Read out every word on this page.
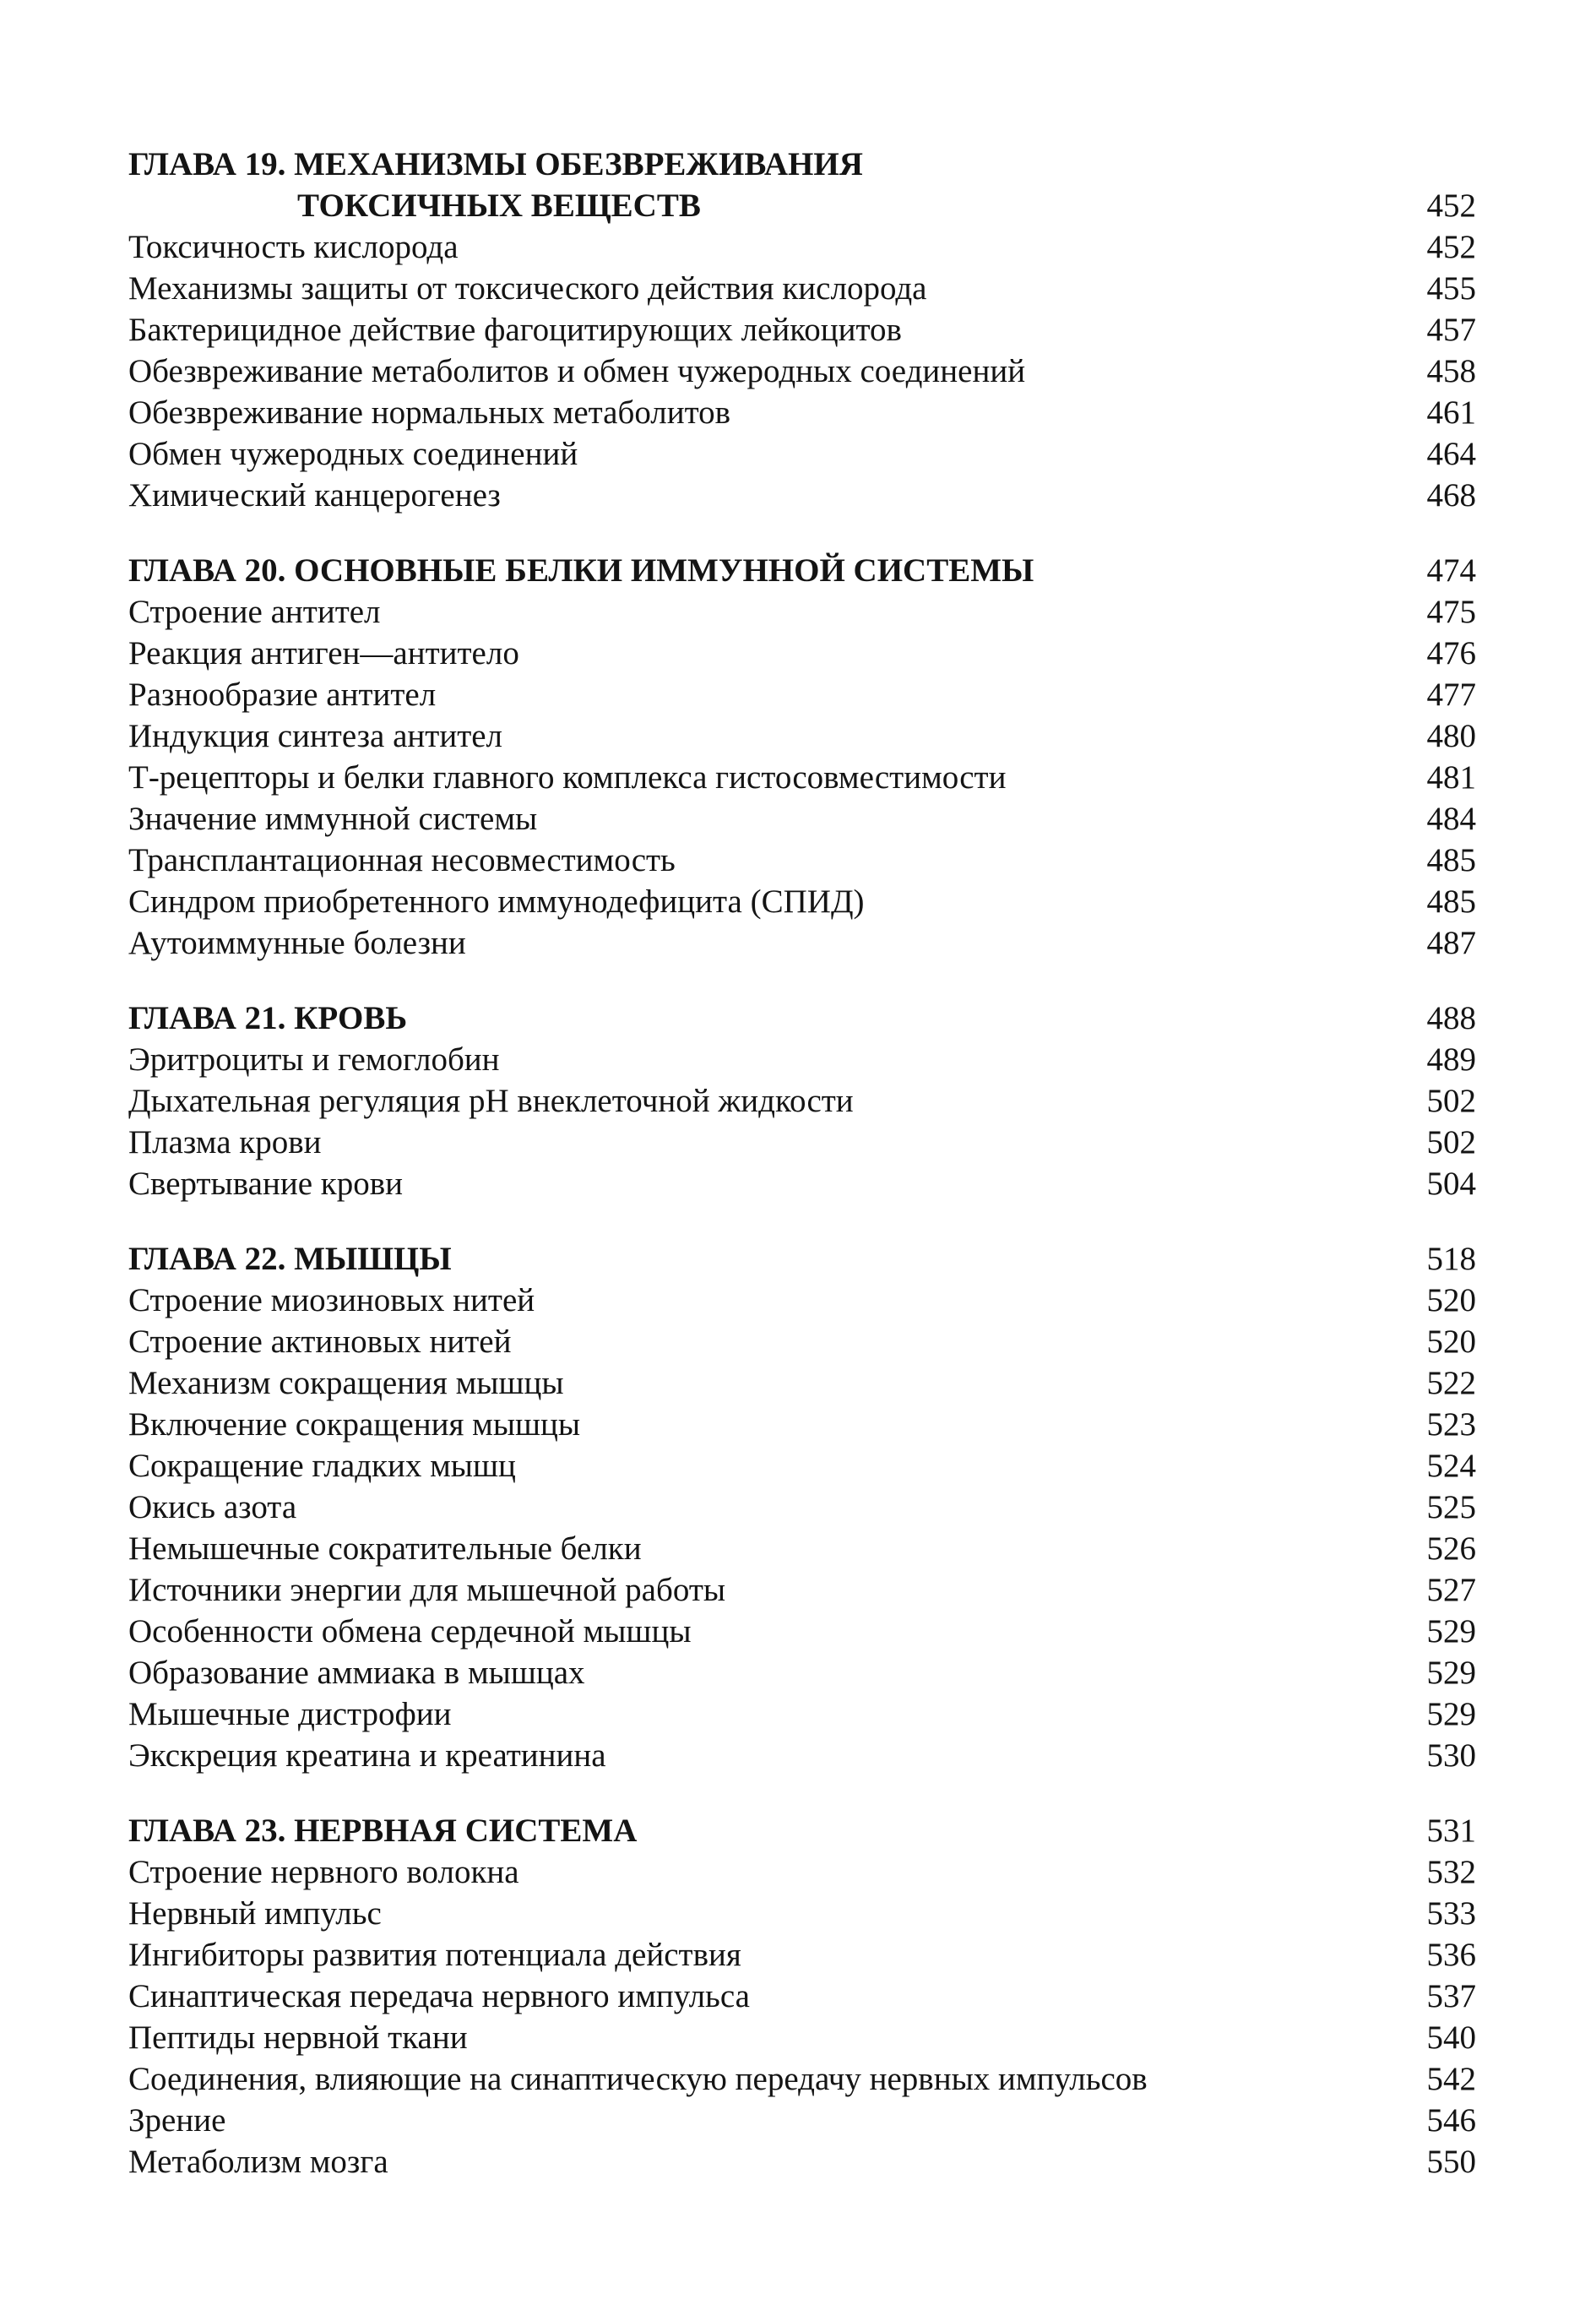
ГЛАВА 19. МЕХАНИЗМЫ ОБЕЗВРЕЖИВАНИЯ
ТОКСИЧНЫХ ВЕЩЕСТВ	452
Токсичность кислорода	452
Механизмы защиты от токсического действия кислорода	455
Бактерицидное действие фагоцитирующих лейкоцитов	457
Обезвреживание метаболитов и обмен чужеродных соединений	458
Обезвреживание нормальных метаболитов	461
Обмен чужеродных соединений	464
Химический канцерогенез	468
ГЛАВА 20. ОСНОВНЫЕ БЕЛКИ ИММУННОЙ СИСТЕМЫ	474
Строение антител	475
Реакция антиген—антитело	476
Разнообразие антител	477
Индукция синтеза антител	480
Т-рецепторы и белки главного комплекса гистосовместимости	481
Значение иммунной системы	484
Трансплантационная несовместимость	485
Синдром приобретенного иммунодефицита (СПИД)	485
Аутоиммунные болезни	487
ГЛАВА 21. КРОВЬ	488
Эритроциты и гемоглобин	489
Дыхательная регуляция рН внеклеточной жидкости	502
Плазма крови	502
Свертывание крови	504
ГЛАВА 22. МЫШЦЫ	518
Строение миозиновых нитей	520
Строение актиновых нитей	520
Механизм сокращения мышцы	522
Включение сокращения мышцы	523
Сокращение гладких мышц	524
Окись азота	525
Немышечные сократительные белки	526
Источники энергии для мышечной работы	527
Особенности обмена сердечной мышцы	529
Образование аммиака в мышцах	529
Мышечные дистрофии	529
Экскреция креатина и креатинина	530
ГЛАВА 23. НЕРВНАЯ СИСТЕМА	531
Строение нервного волокна	532
Нервный импульс	533
Ингибиторы развития потенциала действия	536
Синаптическая передача нервного импульса	537
Пептиды нервной ткани	540
Соединения, влияющие на синаптическую передачу нервных импульсов	542
Зрение	546
Метаболизм мозга	550
